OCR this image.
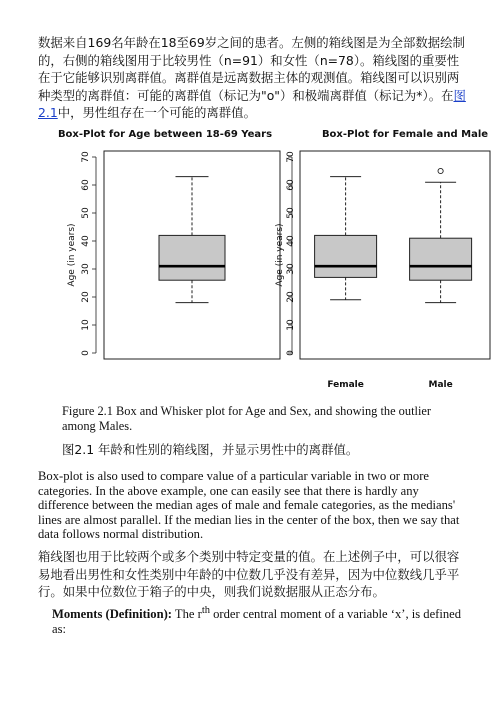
数据来自169名年龄在18至69岁之间的患者。左侧的箱线图是为全部数据绘制的，右侧的箱线图用于比较男性（n=91）和女性（n=78）。箱线图的重要性在于它能够识别离群值。离群值是远离数据主体的观测值。箱线图可以识别两种类型的离群值：可能的离群值（标记为"o"）和极端离群值（标记为*）。在图2.1中，男性组存在一个可能的离群值。

Box-Plot for Age between 18-69 Years
0
10
20
30
40
50
60
70
Age (in years)
Box-Plot for Female and Male
0
10
20
30
40
50
60
70
Age (in years)
Female	Male

Figure 2.1 Box and Whisker plot for Age and Sex, and showing the outlier among Males.

图2.1 年龄和性别的箱线图，并显示男性中的离群值。

Box-plot is also used to compare value of a particular variable in two or more categories. In the above example, one can easily see that there is hardly any difference between the median ages of male and female categories, as the medians' lines are almost parallel. If the median lies in the center of the box, then we say that data follows normal distribution.

箱线图也用于比较两个或多个类别中特定变量的值。在上述例子中，可以很容易地看出男性和女性类别中年龄的中位数几乎没有差异，因为中位数线几乎平行。如果中位数位于箱子的中央，则我们说数据服从正态分布。

Moments (Definition): The $r^{th}$ order central moment of a variable ‘x’, is defined as:
